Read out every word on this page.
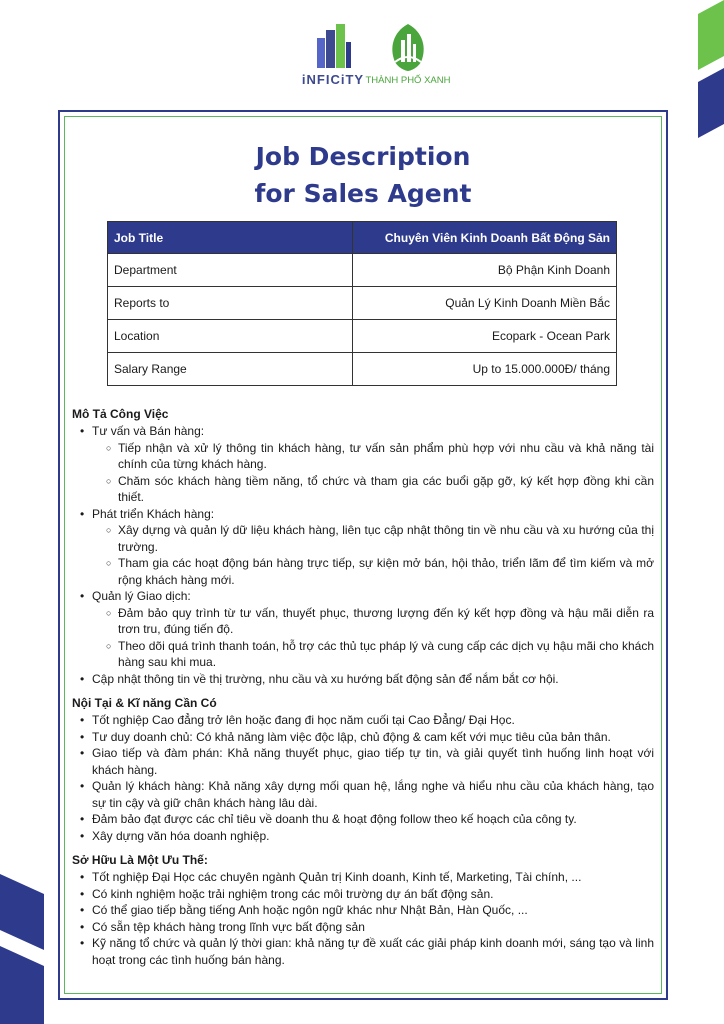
iNFICiTY THÀNH PHỐ XANH
Job Description
for Sales Agent
Job Title	Chuyên Viên Kinh Doanh Bất Động Sản
Department	Bộ Phận Kinh Doanh
Reports to	Quản Lý Kinh Doanh Miền Bắc
Location	Ecopark - Ocean Park
Salary Range	Up to 15.000.000Đ/ tháng
Mô Tả Công Việc
• Tư vấn và Bán hàng:
○ Tiếp nhận và xử lý thông tin khách hàng, tư vấn sản phẩm phù hợp với nhu cầu và khả năng tài chính của từng khách hàng.
○ Chăm sóc khách hàng tiềm năng, tổ chức và tham gia các buổi gặp gỡ, ký kết hợp đồng khi cần thiết.
• Phát triển Khách hàng:
○ Xây dựng và quản lý dữ liệu khách hàng, liên tục cập nhật thông tin về nhu cầu và xu hướng của thị trường.
○ Tham gia các hoạt động bán hàng trực tiếp, sự kiện mở bán, hội thảo, triển lãm để tìm kiếm và mở rộng khách hàng mới.
• Quản lý Giao dịch:
○ Đảm bảo quy trình từ tư vấn, thuyết phục, thương lượng đến ký kết hợp đồng và hậu mãi diễn ra trơn tru, đúng tiến độ.
○ Theo dõi quá trình thanh toán, hỗ trợ các thủ tục pháp lý và cung cấp các dịch vụ hậu mãi cho khách hàng sau khi mua.
• Cập nhật thông tin về thị trường, nhu cầu và xu hướng bất động sản để nắm bắt cơ hội.
Nội Tại & Kĩ năng Cần Có
• Tốt nghiệp Cao đẳng trở lên hoặc đang đi học năm cuối tại Cao Đẳng/ Đại Học.
• Tư duy doanh chủ: Có khả năng làm việc độc lập, chủ động & cam kết với mục tiêu của bản thân.
• Giao tiếp và đàm phán: Khả năng thuyết phục, giao tiếp tự tin, và giải quyết tình huống linh hoạt với khách hàng.
• Quản lý khách hàng: Khả năng xây dựng mối quan hệ, lắng nghe và hiểu nhu cầu của khách hàng, tạo sự tin cậy và giữ chân khách hàng lâu dài.
• Đảm bảo đạt được các chỉ tiêu về doanh thu & hoạt động follow theo kế hoạch của công ty.
• Xây dựng văn hóa doanh nghiệp.
Sở Hữu Là Một Ưu Thế:
• Tốt nghiệp Đại Học các chuyên ngành Quản trị Kinh doanh, Kinh tế, Marketing, Tài chính, ...
• Có kinh nghiệm hoặc trải nghiệm trong các môi trường dự án bất động sản.
• Có thể giao tiếp bằng tiếng Anh hoặc ngôn ngữ khác như Nhật Bản, Hàn Quốc, ...
• Có sẵn tệp khách hàng trong lĩnh vực bất động sản
• Kỹ năng tổ chức và quản lý thời gian: khả năng tự đề xuất các giải pháp kinh doanh mới, sáng tạo và linh hoạt trong các tình huống bán hàng.
